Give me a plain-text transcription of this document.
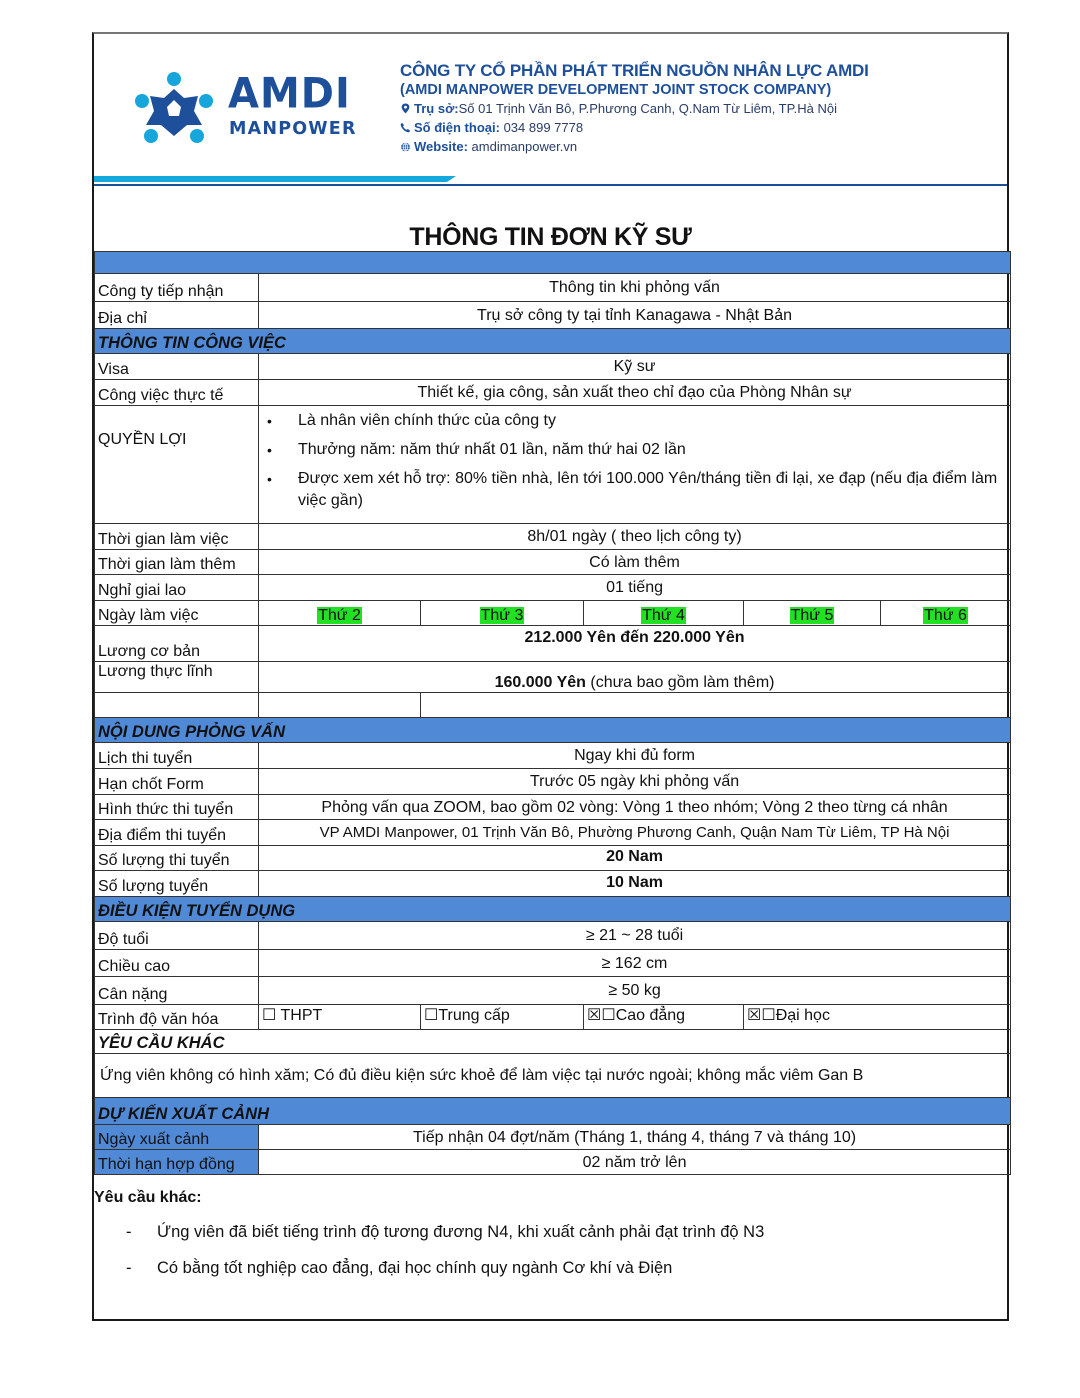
AMDI
MANPOWER
CÔNG TY CỔ PHẦN PHÁT TRIỂN NGUỒN NHÂN LỰC AMDI
(AMDI MANPOWER DEVELOPMENT JOINT STOCK COMPANY)
Trụ sở:Số 01 Trịnh Văn Bô, P.Phương Canh, Q.Nam Từ Liêm, TP.Hà Nội
Số điện thoại: 034 899 7778
Website: amdimanpower.vn
THÔNG TIN ĐƠN KỸ SƯ

Công ty tiếp nhận	Thông tin khi phỏng vấn				
Địa chỉ	Trụ sở công ty tại tỉnh Kanagawa - Nhật Bản				
THÔNG TIN CÔNG VIỆC					
Visa	Kỹ sư				
Công việc thực tế	Thiết kế, gia công, sản xuất theo chỉ đạo của Phòng Nhân sự				
QUYỀN LỢI	
• Là nhân viên chính thức của công ty
• Thưởng năm: năm thứ nhất 01 lần, năm thứ hai 02 lần
• Được xem xét hỗ trợ: 80% tiền nhà, lên tới 100.000 Yên/tháng tiền đi lại, xe đạp (nếu địa điểm làm việc gần)

Thời gian làm việc	8h/01 ngày ( theo lịch công ty)				
Thời gian làm thêm	Có làm thêm				
Nghỉ giai lao	01 tiếng				
Ngày làm việc	Thứ 2	Thứ 3	Thứ 4	Thứ 5	Thứ 6
Lương cơ bản	212.000 Yên đến 220.000 Yên				
Lương thực lĩnh	160.000 Yên (chưa bao gồm làm thêm)				

NỘI DUNG PHỎNG VẤN					
Lịch thi tuyển	Ngay khi đủ form				
Hạn chốt Form	Trước 05 ngày khi phỏng vấn				
Hình thức thi tuyển	Phỏng vấn qua ZOOM, bao gồm 02 vòng: Vòng 1 theo nhóm; Vòng 2 theo từng cá nhân				
Địa điểm thi tuyển	VP AMDI Manpower, 01 Trịnh Văn Bô, Phường Phương Canh, Quận Nam Từ Liêm, TP Hà Nội				
Số lượng thi tuyển	20 Nam				
Số lượng tuyển	10 Nam				
ĐIỀU KIỆN TUYỂN DỤNG					
Độ tuổi	≥ 21 ~ 28 tuổi				
Chiều cao	≥ 162 cm				
Cân nặng	≥ 50 kg				
Trình độ văn hóa	☐ THPT	☐Trung cấp	☒☐Cao đẳng	☒☐Đại học	
YÊU CẦU KHÁC					
Ứng viên không có hình xăm; Có đủ điều kiện sức khoẻ để làm việc tại nước ngoài; không mắc viêm Gan B					
DỰ KIẾN XUẤT CẢNH					
Ngày xuất cảnh	Tiếp nhận 04 đợt/năm (Tháng 1, tháng 4, tháng 7 và tháng 10)				
Thời hạn hợp đồng	02 năm trở lên				
Yêu cầu khác:
- Ứng viên đã biết tiếng trình độ tương đương N4, khi xuất cảnh phải đạt trình độ N3
- Có bằng tốt nghiệp cao đẳng, đại học chính quy ngành Cơ khí và Điện
